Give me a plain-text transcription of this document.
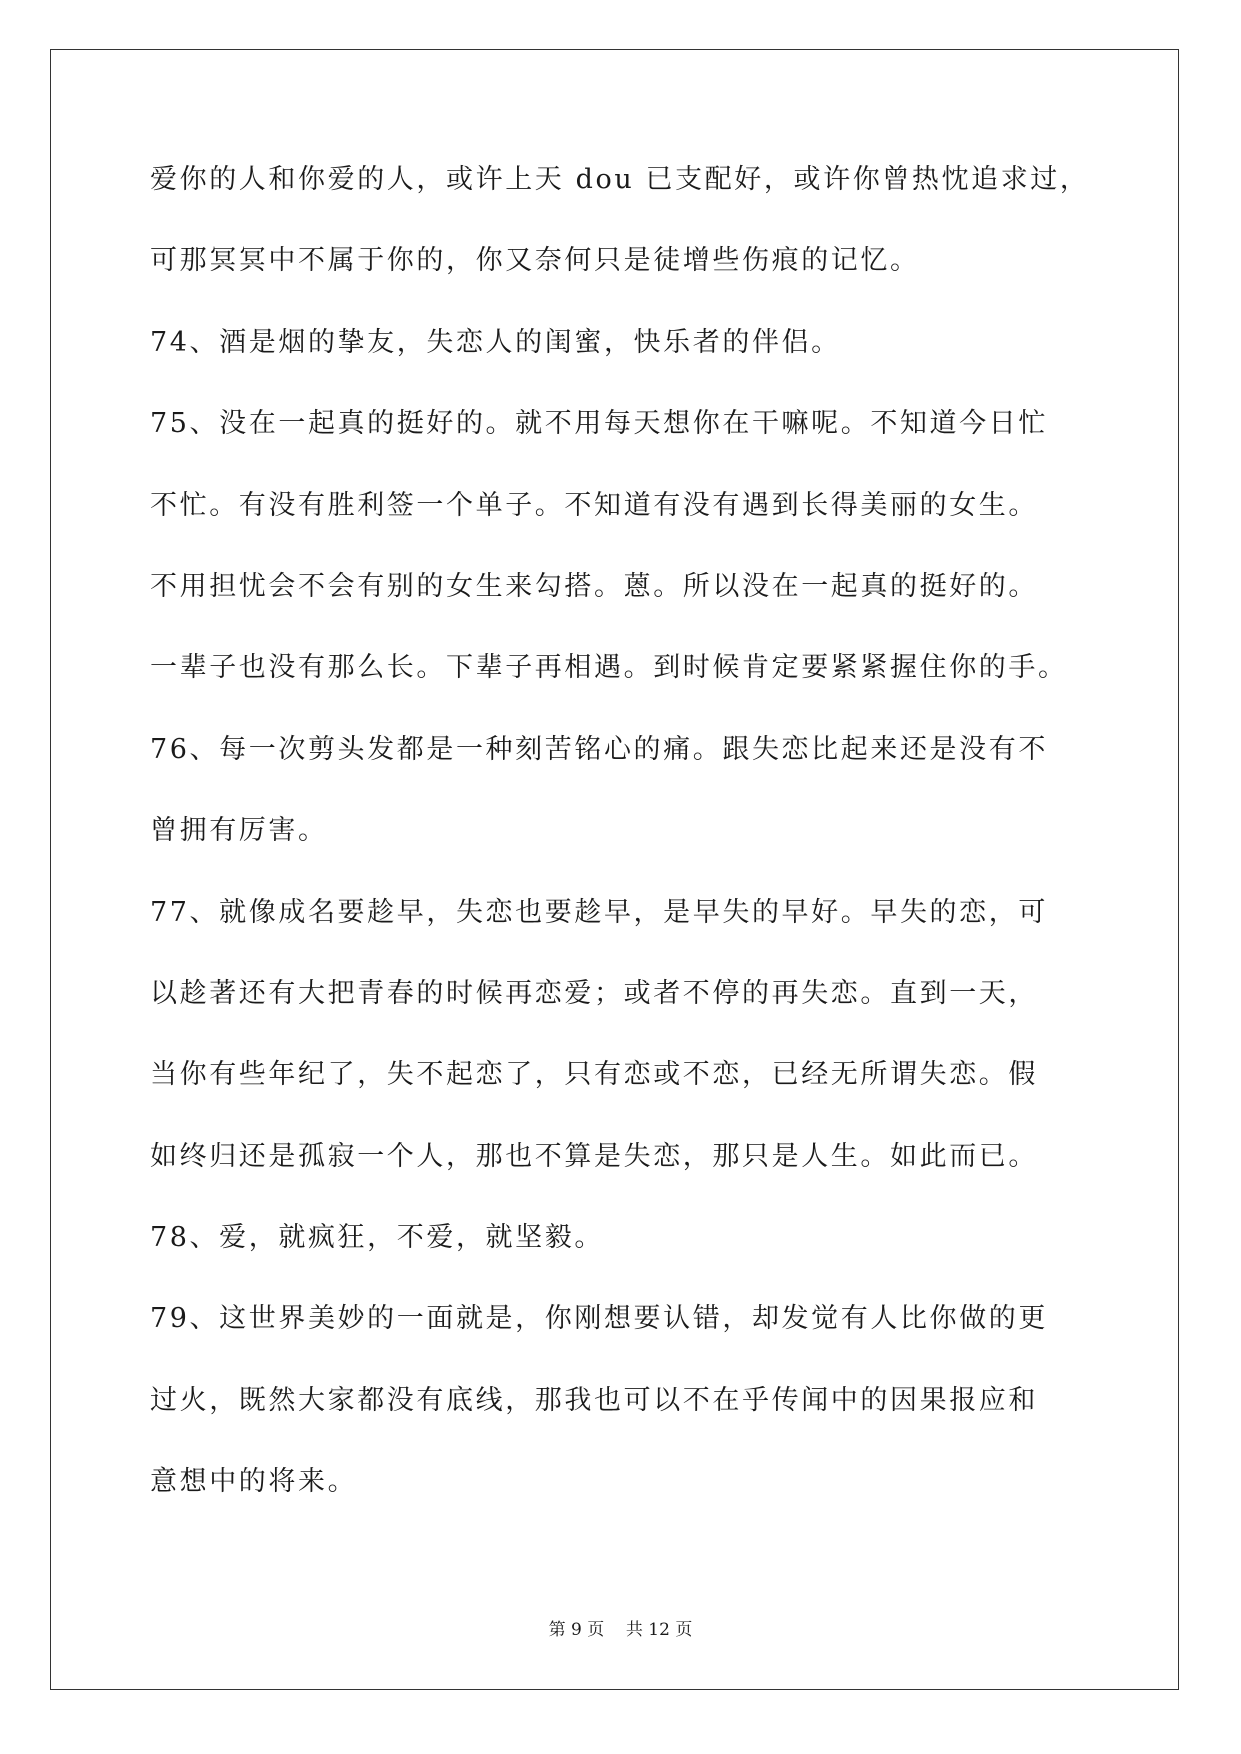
爱你的人和你爱的人，或许上天 dou 已支配好，或许你曾热忱追求过，
可那冥冥中不属于你的，你又奈何只是徒增些伤痕的记忆。
74、酒是烟的挚友，失恋人的闺蜜，快乐者的伴侣。
75、没在一起真的挺好的。就不用每天想你在干嘛呢。不知道今日忙
不忙。有没有胜利签一个单子。不知道有没有遇到长得美丽的女生。
不用担忧会不会有别的女生来勾搭。蒽。所以没在一起真的挺好的。
一辈子也没有那么长。下辈子再相遇。到时候肯定要紧紧握住你的手。
76、每一次剪头发都是一种刻苦铭心的痛。跟失恋比起来还是没有不
曾拥有厉害。
77、就像成名要趁早，失恋也要趁早，是早失的早好。早失的恋，可
以趁著还有大把青春的时候再恋爱；或者不停的再失恋。直到一天，
当你有些年纪了，失不起恋了，只有恋或不恋，已经无所谓失恋。假
如终归还是孤寂一个人，那也不算是失恋，那只是人生。如此而已。
78、爱，就疯狂，不爱，就坚毅。
79、这世界美妙的一面就是，你刚想要认错，却发觉有人比你做的更
过火，既然大家都没有底线，那我也可以不在乎传闻中的因果报应和
意想中的将来。
第 9 页    共 12 页
